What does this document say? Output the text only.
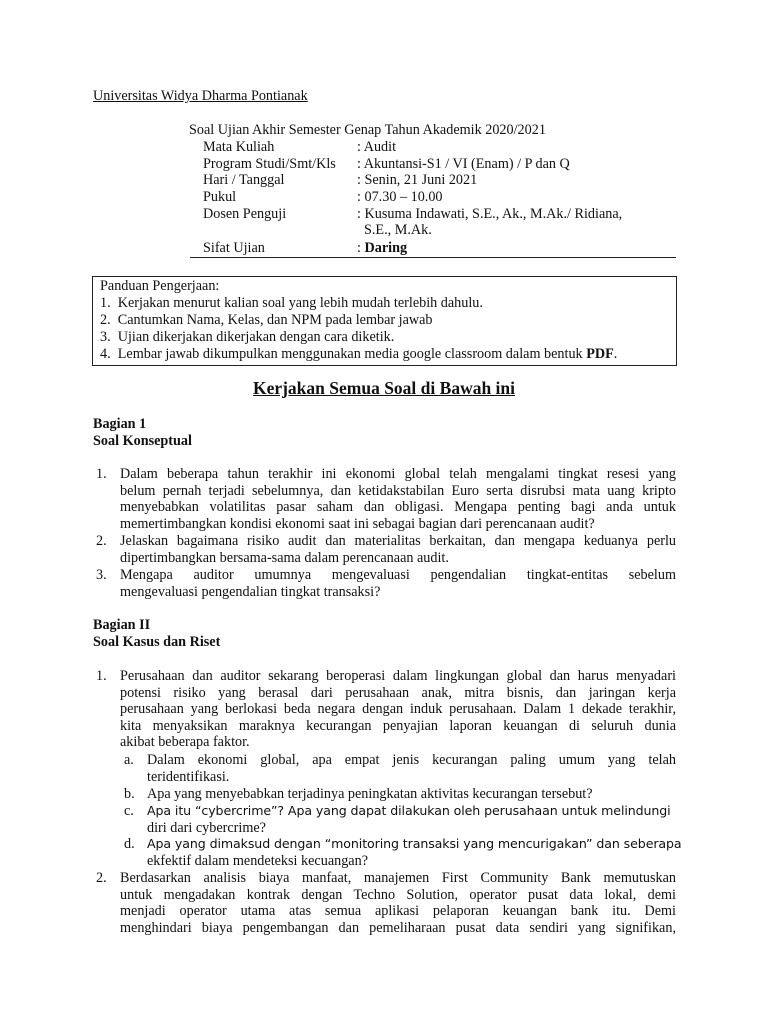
Universitas Widya Dharma Pontianak
Soal Ujian Akhir Semester Genap Tahun Akademik 2020/2021
Mata Kuliah	: Audit
Program Studi/Smt/Kls : Akuntansi-S1 / VI (Enam) / P dan Q
Hari / Tanggal	: Senin, 21 Juni 2021
Pukul	: 07.30 – 10.00
Dosen Penguji	: Kusuma Indawati, S.E., Ak., M.Ak./ Ridiana,
S.E., M.Ak.
Sifat Ujian	: Daring
Panduan Pengerjaan:
1. Kerjakan menurut kalian soal yang lebih mudah terlebih dahulu.
2. Cantumkan Nama, Kelas, dan NPM pada lembar jawab
3. Ujian dikerjakan dikerjakan dengan cara diketik.
4. Lembar jawab dikumpulkan menggunakan media google classroom dalam bentuk PDF.
Kerjakan Semua Soal di Bawah ini
Bagian 1
Soal Konseptual
1. Dalam beberapa tahun terakhir ini ekonomi global telah mengalami tingkat resesi yang
belum pernah terjadi sebelumnya, dan ketidakstabilan Euro serta disrubsi mata uang kripto
menyebabkan volatilitas pasar saham dan obligasi. Mengapa penting bagi anda untuk
memertimbangkan kondisi ekonomi saat ini sebagai bagian dari perencanaan audit?
2. Jelaskan bagaimana risiko audit dan materialitas berkaitan, dan mengapa keduanya perlu
dipertimbangkan bersama-sama dalam perencanaan audit.
3. Mengapa auditor umumnya mengevaluasi pengendalian tingkat-entitas sebelum
mengevaluasi pengendalian tingkat transaksi?
Bagian II
Soal Kasus dan Riset
1. Perusahaan dan auditor sekarang beroperasi dalam lingkungan global dan harus menyadari
potensi risiko yang berasal dari perusahaan anak, mitra bisnis, dan jaringan kerja
perusahaan yang berlokasi beda negara dengan induk perusahaan. Dalam 1 dekade terakhir,
kita menyaksikan maraknya kecurangan penyajian laporan keuangan di seluruh dunia
akibat beberapa faktor.
a. Dalam ekonomi global, apa empat jenis kecurangan paling umum yang telah
teridentifikasi.
b. Apa yang menyebabkan terjadinya peningkatan aktivitas kecurangan tersebut?
c. Apa itu “cybercrime”? Apa yang dapat dilakukan oleh perusahaan untuk melindungi
diri dari cybercrime?
d. Apa yang dimaksud dengan “monitoring transaksi yang mencurigakan” dan seberapa
ekfektif dalam mendeteksi kecuangan?
2. Berdasarkan analisis biaya manfaat, manajemen First Community Bank memutuskan
untuk mengadakan kontrak dengan Techno Solution, operator pusat data lokal, demi
menjadi operator utama atas semua aplikasi pelaporan keuangan bank itu. Demi
menghindari biaya pengembangan dan pemeliharaan pusat data sendiri yang signifikan,
